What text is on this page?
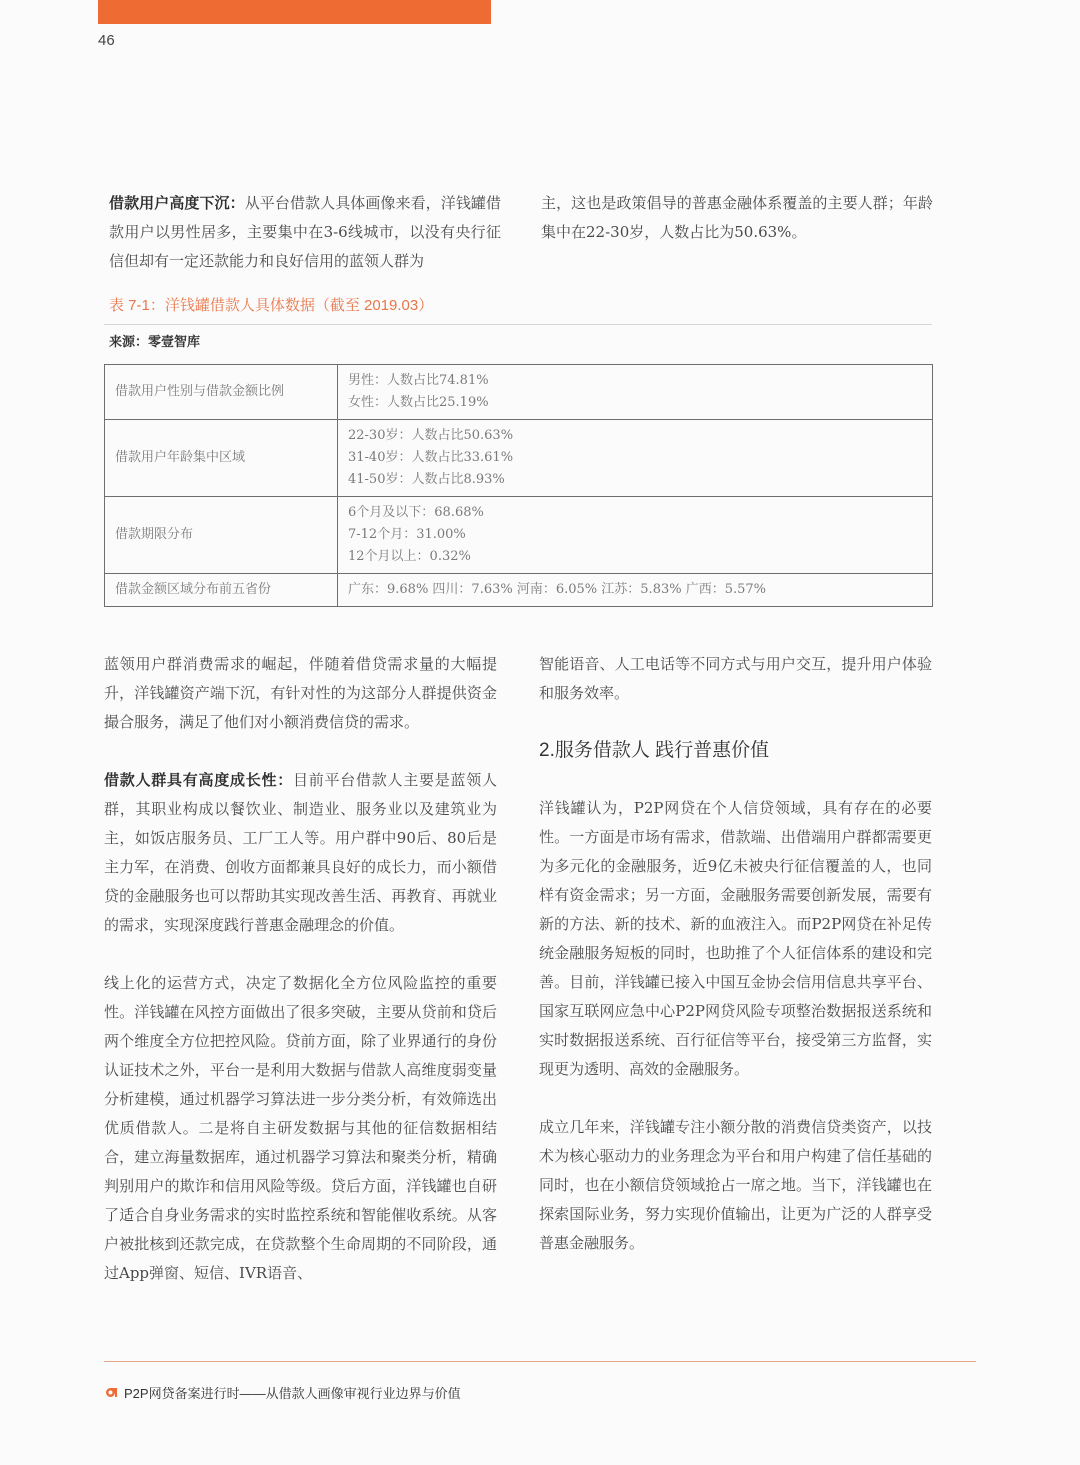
46

借款用户高度下沉：从平台借款人具体画像来看，洋钱罐借款用户以男性居多，主要集中在3-6线城市，以没有央行征信但却有一定还款能力和良好信用的蓝领人群为

主，这也是政策倡导的普惠金融体系覆盖的主要人群；年龄集中在22-30岁，人数占比为50.63%。

表 7-1：洋钱罐借款人具体数据（截至 2019.03）
来源：零壹智库
借款用户性别与借款金额比例	男性：人数占比74.81%
女性：人数占比25.19%

借款用户年龄集中区域	22-30岁：人数占比50.63%
31-40岁：人数占比33.61%
41-50岁：人数占比8.93%

借款期限分布	6个月及以下：68.68%
7-12个月：31.00%
12个月以上：0.32%

借款金额区域分布前五省份	广东：9.68% 四川：7.63% 河南：6.05% 江苏：5.83% 广西：5.57%

蓝领用户群消费需求的崛起，伴随着借贷需求量的大幅提升，洋钱罐资产端下沉，有针对性的为这部分人群提供资金撮合服务，满足了他们对小额消费信贷的需求。

借款人群具有高度成长性：目前平台借款人主要是蓝领人群，其职业构成以餐饮业、制造业、服务业以及建筑业为主，如饭店服务员、工厂工人等。用户群中90后、80后是主力军，在消费、创收方面都兼具良好的成长力，而小额借贷的金融服务也可以帮助其实现改善生活、再教育、再就业的需求，实现深度践行普惠金融理念的价值。

线上化的运营方式，决定了数据化全方位风险监控的重要性。洋钱罐在风控方面做出了很多突破，主要从贷前和贷后两个维度全方位把控风险。贷前方面，除了业界通行的身份认证技术之外，平台一是利用大数据与借款人高维度弱变量分析建模，通过机器学习算法进一步分类分析，有效筛选出优质借款人。二是将自主研发数据与其他的征信数据相结合，建立海量数据库，通过机器学习算法和聚类分析，精确判别用户的欺诈和信用风险等级。贷后方面，洋钱罐也自研了适合自身业务需求的实时监控系统和智能催收系统。从客户被批核到还款完成，在贷款整个生命周期的不同阶段，通过App弹窗、短信、IVR语音、

智能语音、人工电话等不同方式与用户交互，提升用户体验和服务效率。

2.服务借款人 践行普惠价值

洋钱罐认为，P2P网贷在个人信贷领域，具有存在的必要性。一方面是市场有需求，借款端、出借端用户群都需要更为多元化的金融服务，近9亿未被央行征信覆盖的人，也同样有资金需求；另一方面，金融服务需要创新发展，需要有新的方法、新的技术、新的血液注入。而P2P网贷在补足传统金融服务短板的同时，也助推了个人征信体系的建设和完善。目前，洋钱罐已接入中国互金协会信用信息共享平台、国家互联网应急中心P2P网贷风险专项整治数据报送系统和实时数据报送系统、百行征信等平台，接受第三方监督，实现更为透明、高效的金融服务。

成立几年来，洋钱罐专注小额分散的消费信贷类资产，以技术为核心驱动力的业务理念为平台和用户构建了信任基础的同时，也在小额信贷领域抢占一席之地。当下，洋钱罐也在探索国际业务，努力实现价值输出，让更为广泛的人群享受普惠金融服务。

P2P网贷备案进行时——从借款人画像审视行业边界与价值
